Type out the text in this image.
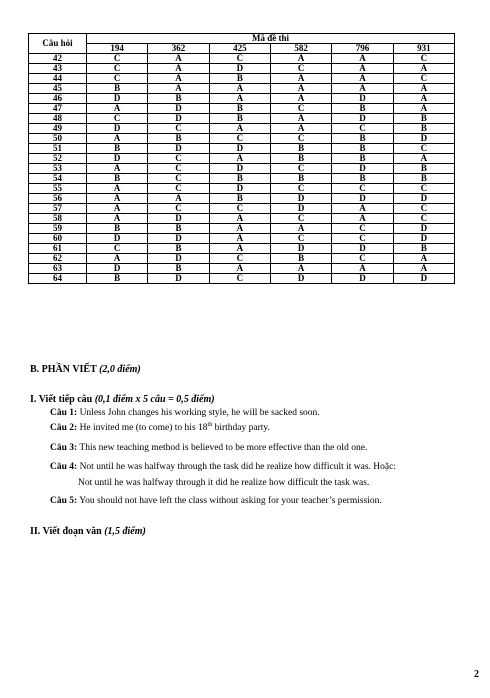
Câu hỏi	Mã đề thi					
	194	362	425	582	796	931
42	C	A	C	A	A	C
43	C	A	D	C	A	A
44	C	A	B	A	A	C
45	B	A	A	A	A	A
46	D	B	A	A	D	A
47	A	D	B	C	B	A
48	C	D	B	A	D	B
49	D	C	A	A	C	B
50	A	B	C	C	B	D
51	B	D	D	B	B	C
52	D	C	A	B	B	A
53	A	C	D	C	D	B
54	B	C	B	B	B	B
55	A	C	D	C	C	C
56	A	A	B	D	D	D
57	A	C	C	D	A	C
58	A	D	A	C	A	C
59	B	B	A	A	C	D
60	D	D	A	C	C	D
61	C	B	A	D	D	B
62	A	D	C	B	C	A
63	D	B	A	A	A	A
64	B	D	C	D	D	D
B. PHẦN VIẾT (2,0 điểm)
I. Viết tiếp câu (0,1 điểm x 5 câu = 0,5 điểm)
Câu 1: Unless John changes his working style, he will be sacked soon.
Câu 2: He invited me (to come) to his 18th birthday party.
Câu 3: This new teaching method is believed to be more effective than the old one.
Câu 4: Not until he was halfway through the task did he realize how difficult it was. Hoặc:
Not until he was halfway through it did he realize how difficult the task was.
Câu 5: You should not have left the class without asking for your teacher’s permission.
II. Viết đoạn văn (1,5 điểm)
2
